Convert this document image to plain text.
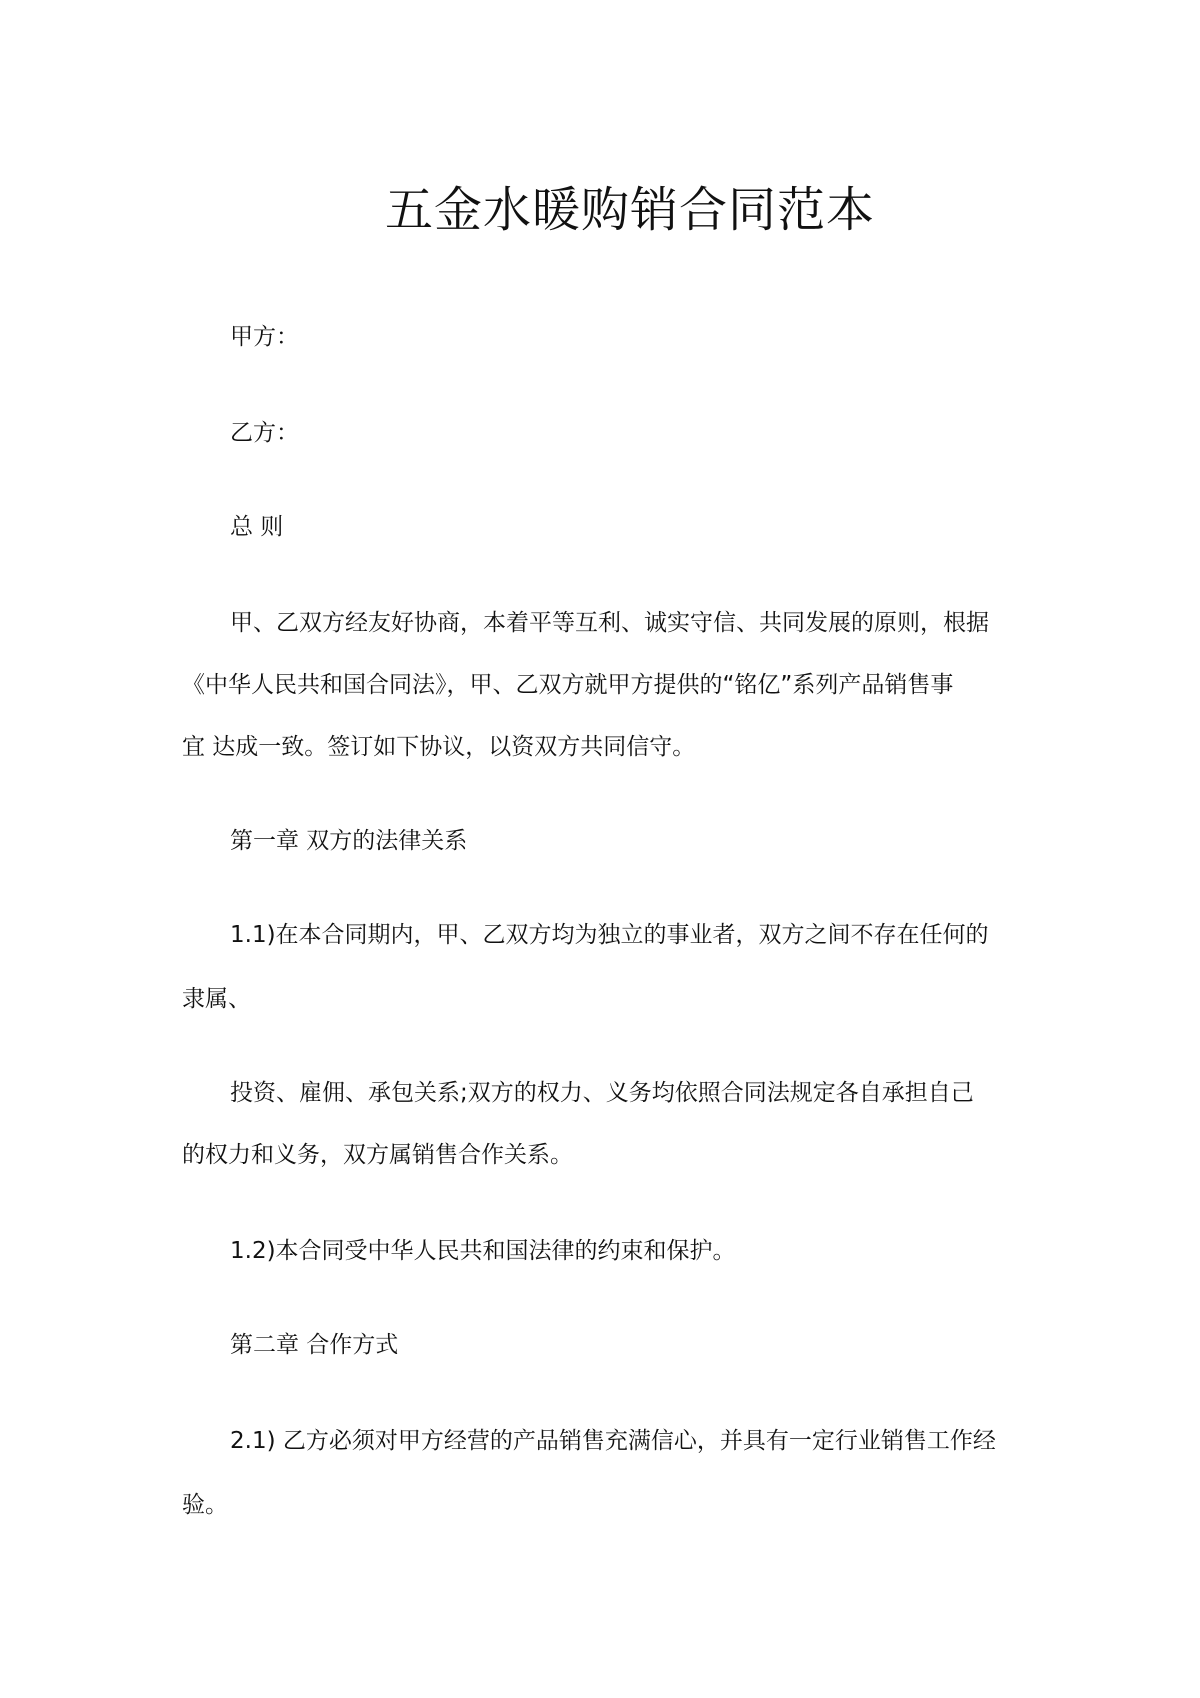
五金水暖购销合同范本

甲方：

乙方：

总 则

甲、乙双方经友好协商，本着平等互利、诚实守信、共同发展的原则，根据

《中华人民共和国合同法》，甲、乙双方就甲方提供的“铭亿”系列产品销售事

宜 达成一致。签订如下协议，以资双方共同信守。

第一章 双方的法律关系

1.1)在本合同期内，甲、乙双方均为独立的事业者，双方之间不存在任何的

隶属、

投资、雇佣、承包关系;双方的权力、义务均依照合同法规定各自承担自己

的权力和义务，双方属销售合作关系。

1.2)本合同受中华人民共和国法律的约束和保护。

第二章 合作方式

2.1) 乙方必须对甲方经营的产品销售充满信心，并具有一定行业销售工作经

验。
